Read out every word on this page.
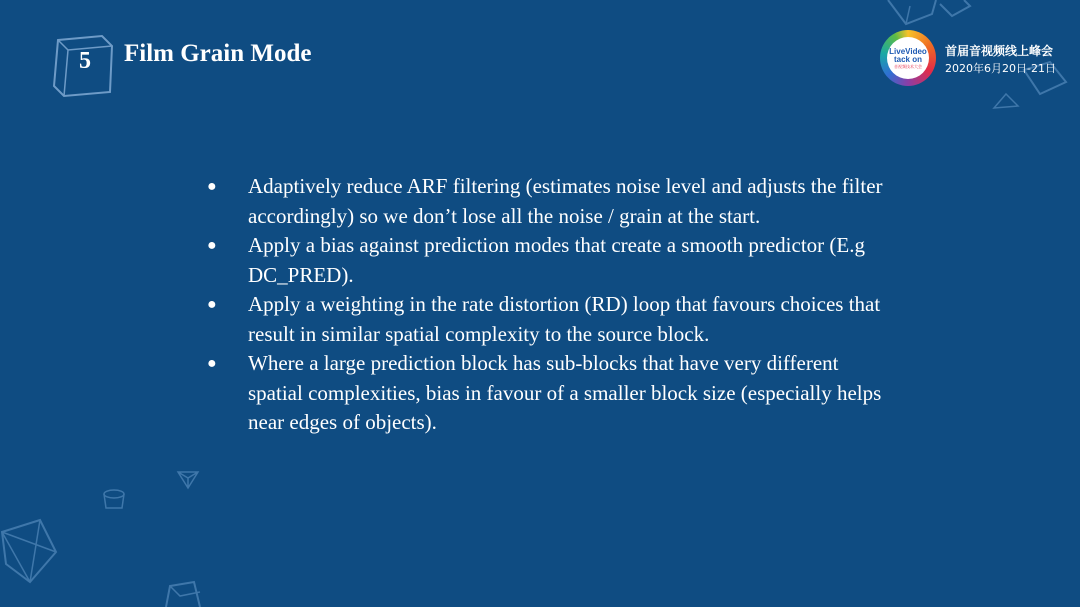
5	Film Grain Mode	LiveVideo
tack on
音视频技术大会
首届音视频线上峰会
2020年6月20日-21日
● Adaptively reduce ARF filtering (estimates noise level and adjusts the filter accordingly) so we don’t lose all the noise / grain at the start.
● Apply a bias against prediction modes that create a smooth predictor (E.g DC_PRED).
● Apply a weighting in the rate distortion (RD) loop that favours choices that result in similar spatial complexity to the source block.
● Where a large prediction block has sub-blocks that have very different spatial complexities, bias in favour of a smaller block size (especially helps near edges of objects).
